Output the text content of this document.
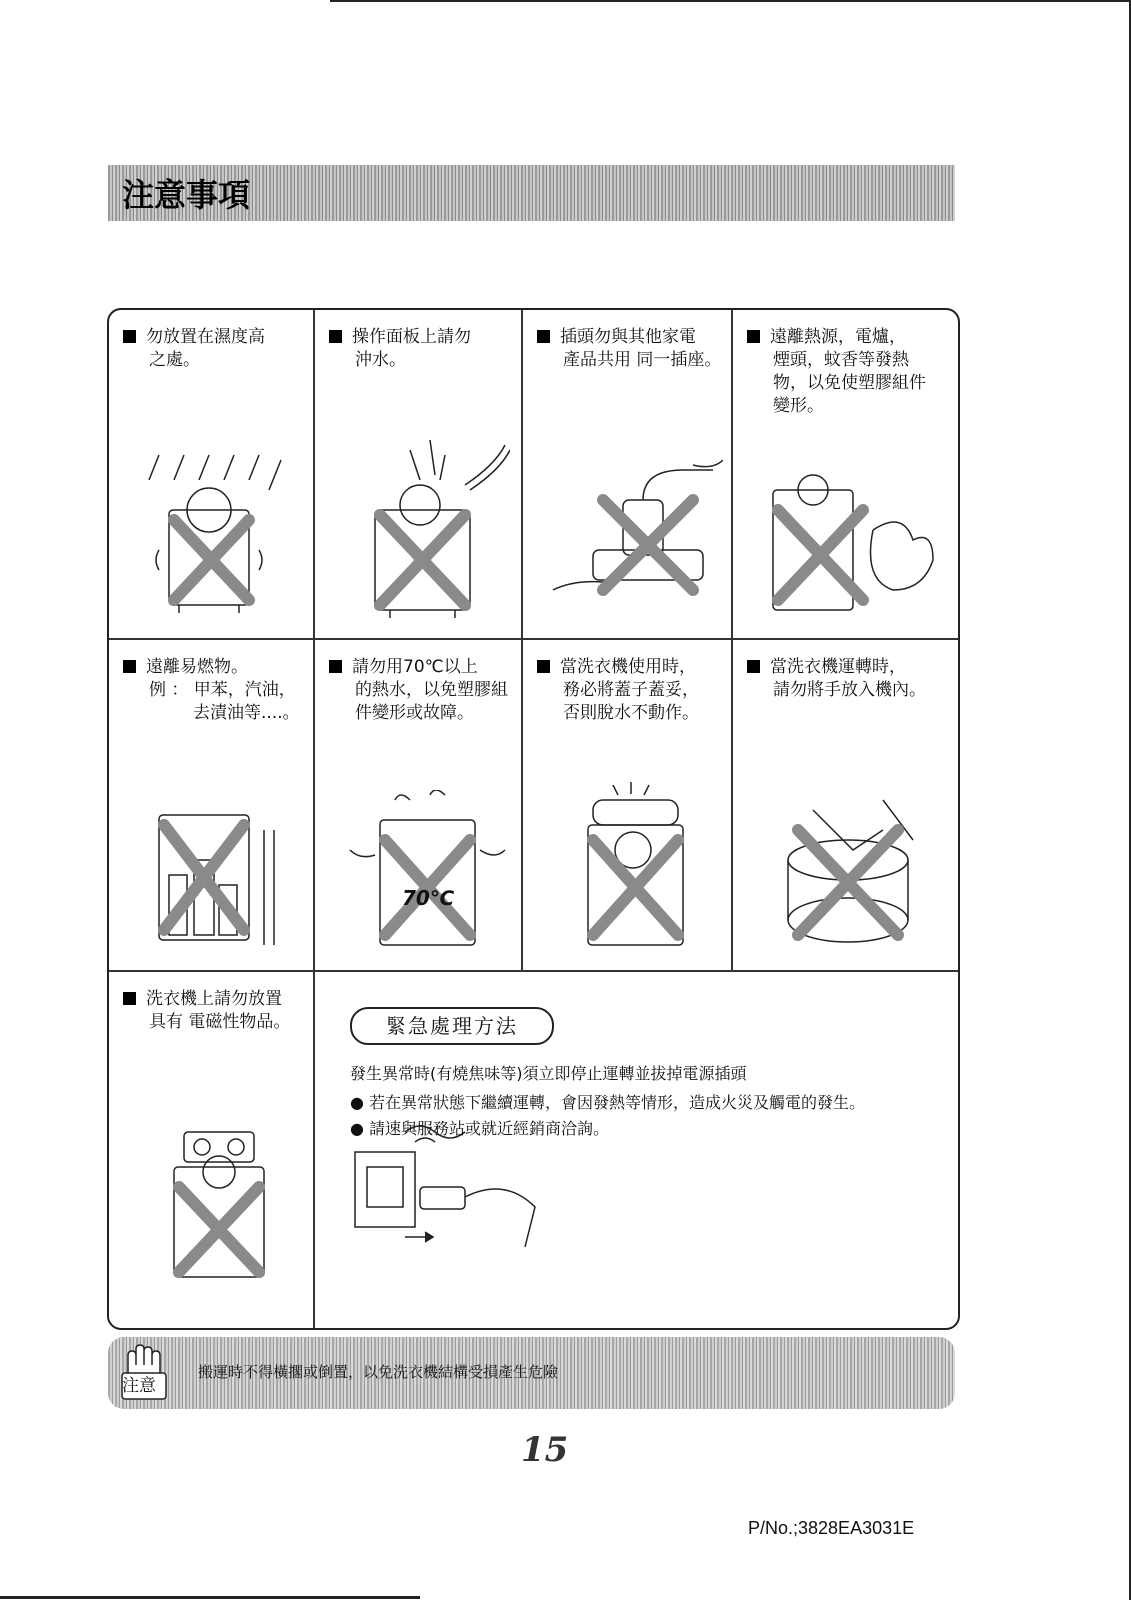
注意事項
勿放置在濕度高
之處。
操作面板上請勿
沖水。
插頭勿與其他家電
產品共用 同一插座。
遠離熱源，電爐，
煙頭，蚊香等發熱
物，以免使塑膠組件
變形。
遠離易燃物。
例 ： 甲苯，汽油，
去漬油等....。
請勿用70℃以上
的熱水，以免塑膠組
件變形或故障。
70℃
當洗衣機使用時，
務必將蓋子蓋妥，
否則脫水不動作。
當洗衣機運轉時，
請勿將手放入機內。
洗衣機上請勿放置
具有 電磁性物品。	緊急處理方法
發生異常時(有燒焦味等)須立即停止運轉並拔掉電源插頭
● 若在異常狀態下繼續運轉，會因發熱等情形，造成火災及觸電的發生。
● 請速與服務站或就近經銷商洽詢。
注意
搬運時不得橫擱或倒置，以免洗衣機結構受損產生危險
15
P/No.;3828EA3031E
